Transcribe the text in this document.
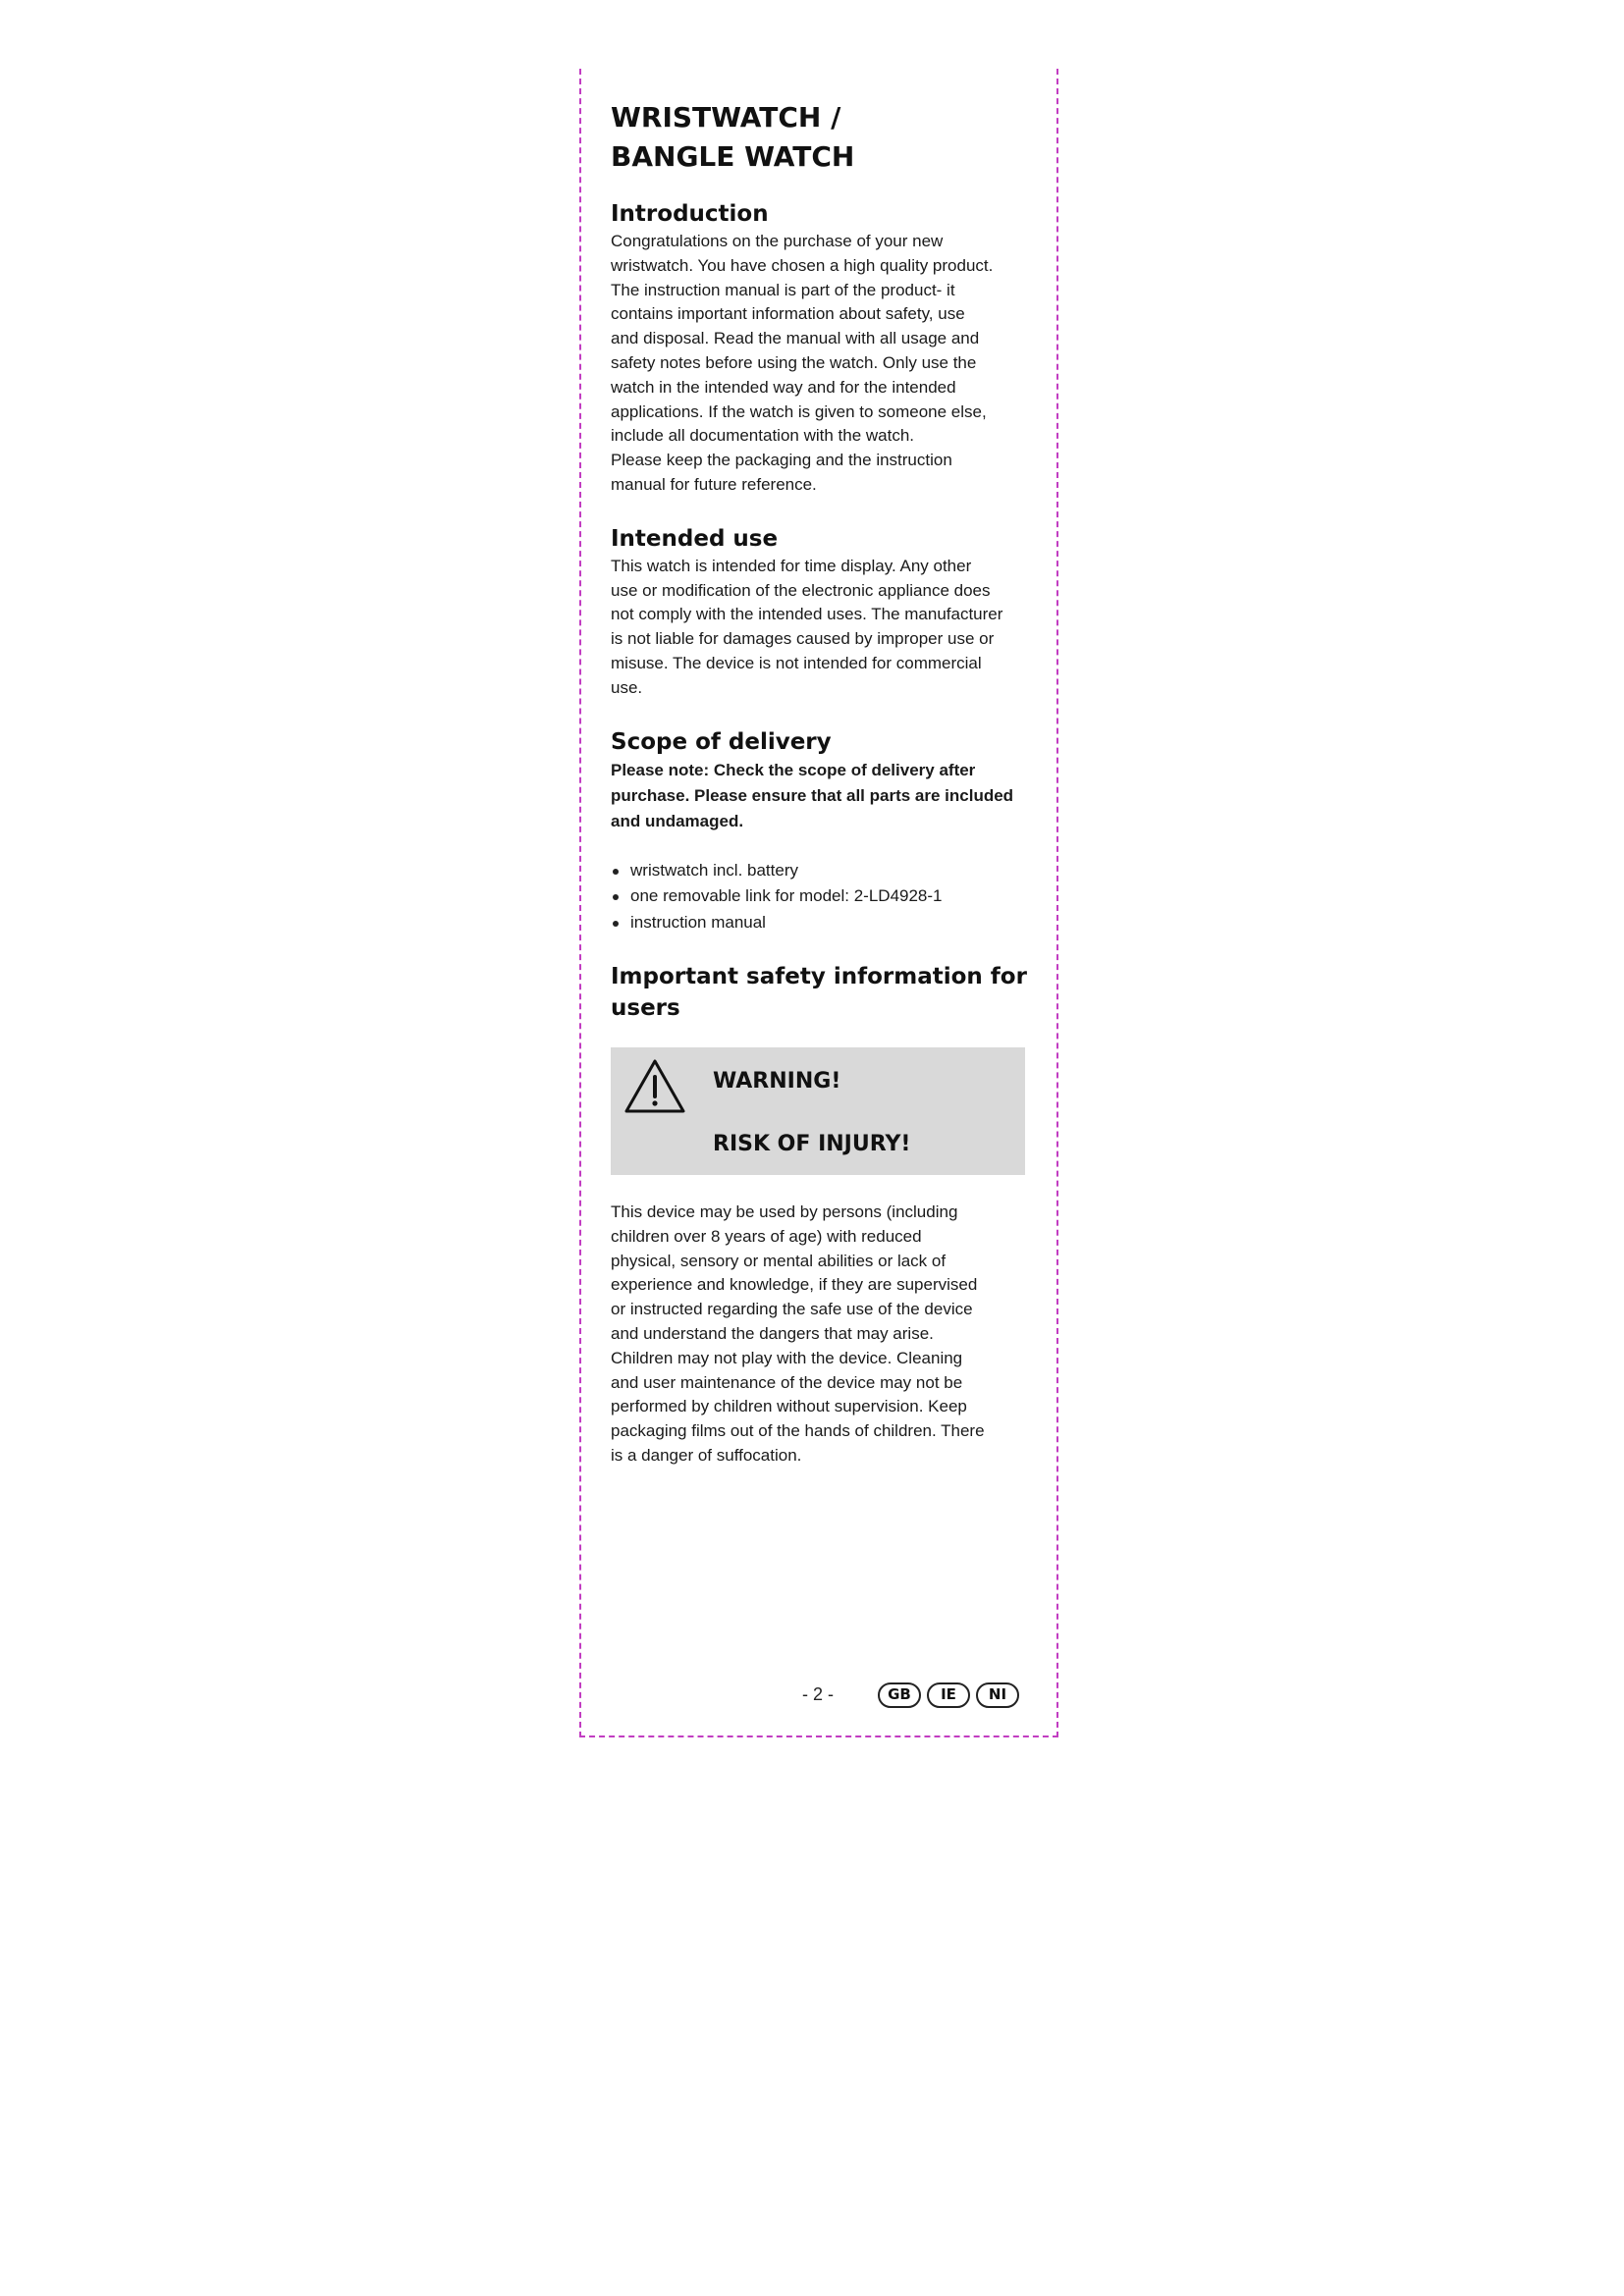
WRISTWATCH /
BANGLE WATCH
Introduction

Congratulations on the purchase of your new

wristwatch. You have chosen a high quality product.

The instruction manual is part of the product- it

contains important information about safety, use

and disposal. Read the manual with all usage and

safety notes before using the watch. Only use the

watch in the intended way and for the intended

applications. If the watch is given to someone else,

include all documentation with the watch.

Please keep the packaging and the instruction

manual for future reference.

Intended use

This watch is intended for time display. Any other

use or modification of the electronic appliance does

not comply with the intended uses. The manufacturer

is not liable for damages caused by improper use or

misuse. The device is not intended for commercial

use.

Scope of delivery

Please note: Check the scope of delivery after

purchase. Please ensure that all parts are included

and undamaged.

wristwatch incl. battery
one removable link for model: 2-LD4928-1
instruction manual
Important safety information for
users
WARNING!
RISK OF INJURY!

This device may be used by persons (including

children over 8 years of age) with reduced

physical, sensory or mental abilities or lack of

experience and knowledge, if they are supervised

or instructed regarding the safe use of the device

and understand the dangers that may arise.

Children may not play with the device. Cleaning

and user maintenance of the device may not be

performed by children without supervision. Keep

packaging films out of the hands of children. There

is a danger of suffocation.

- 2 -	GB	IE	NI
